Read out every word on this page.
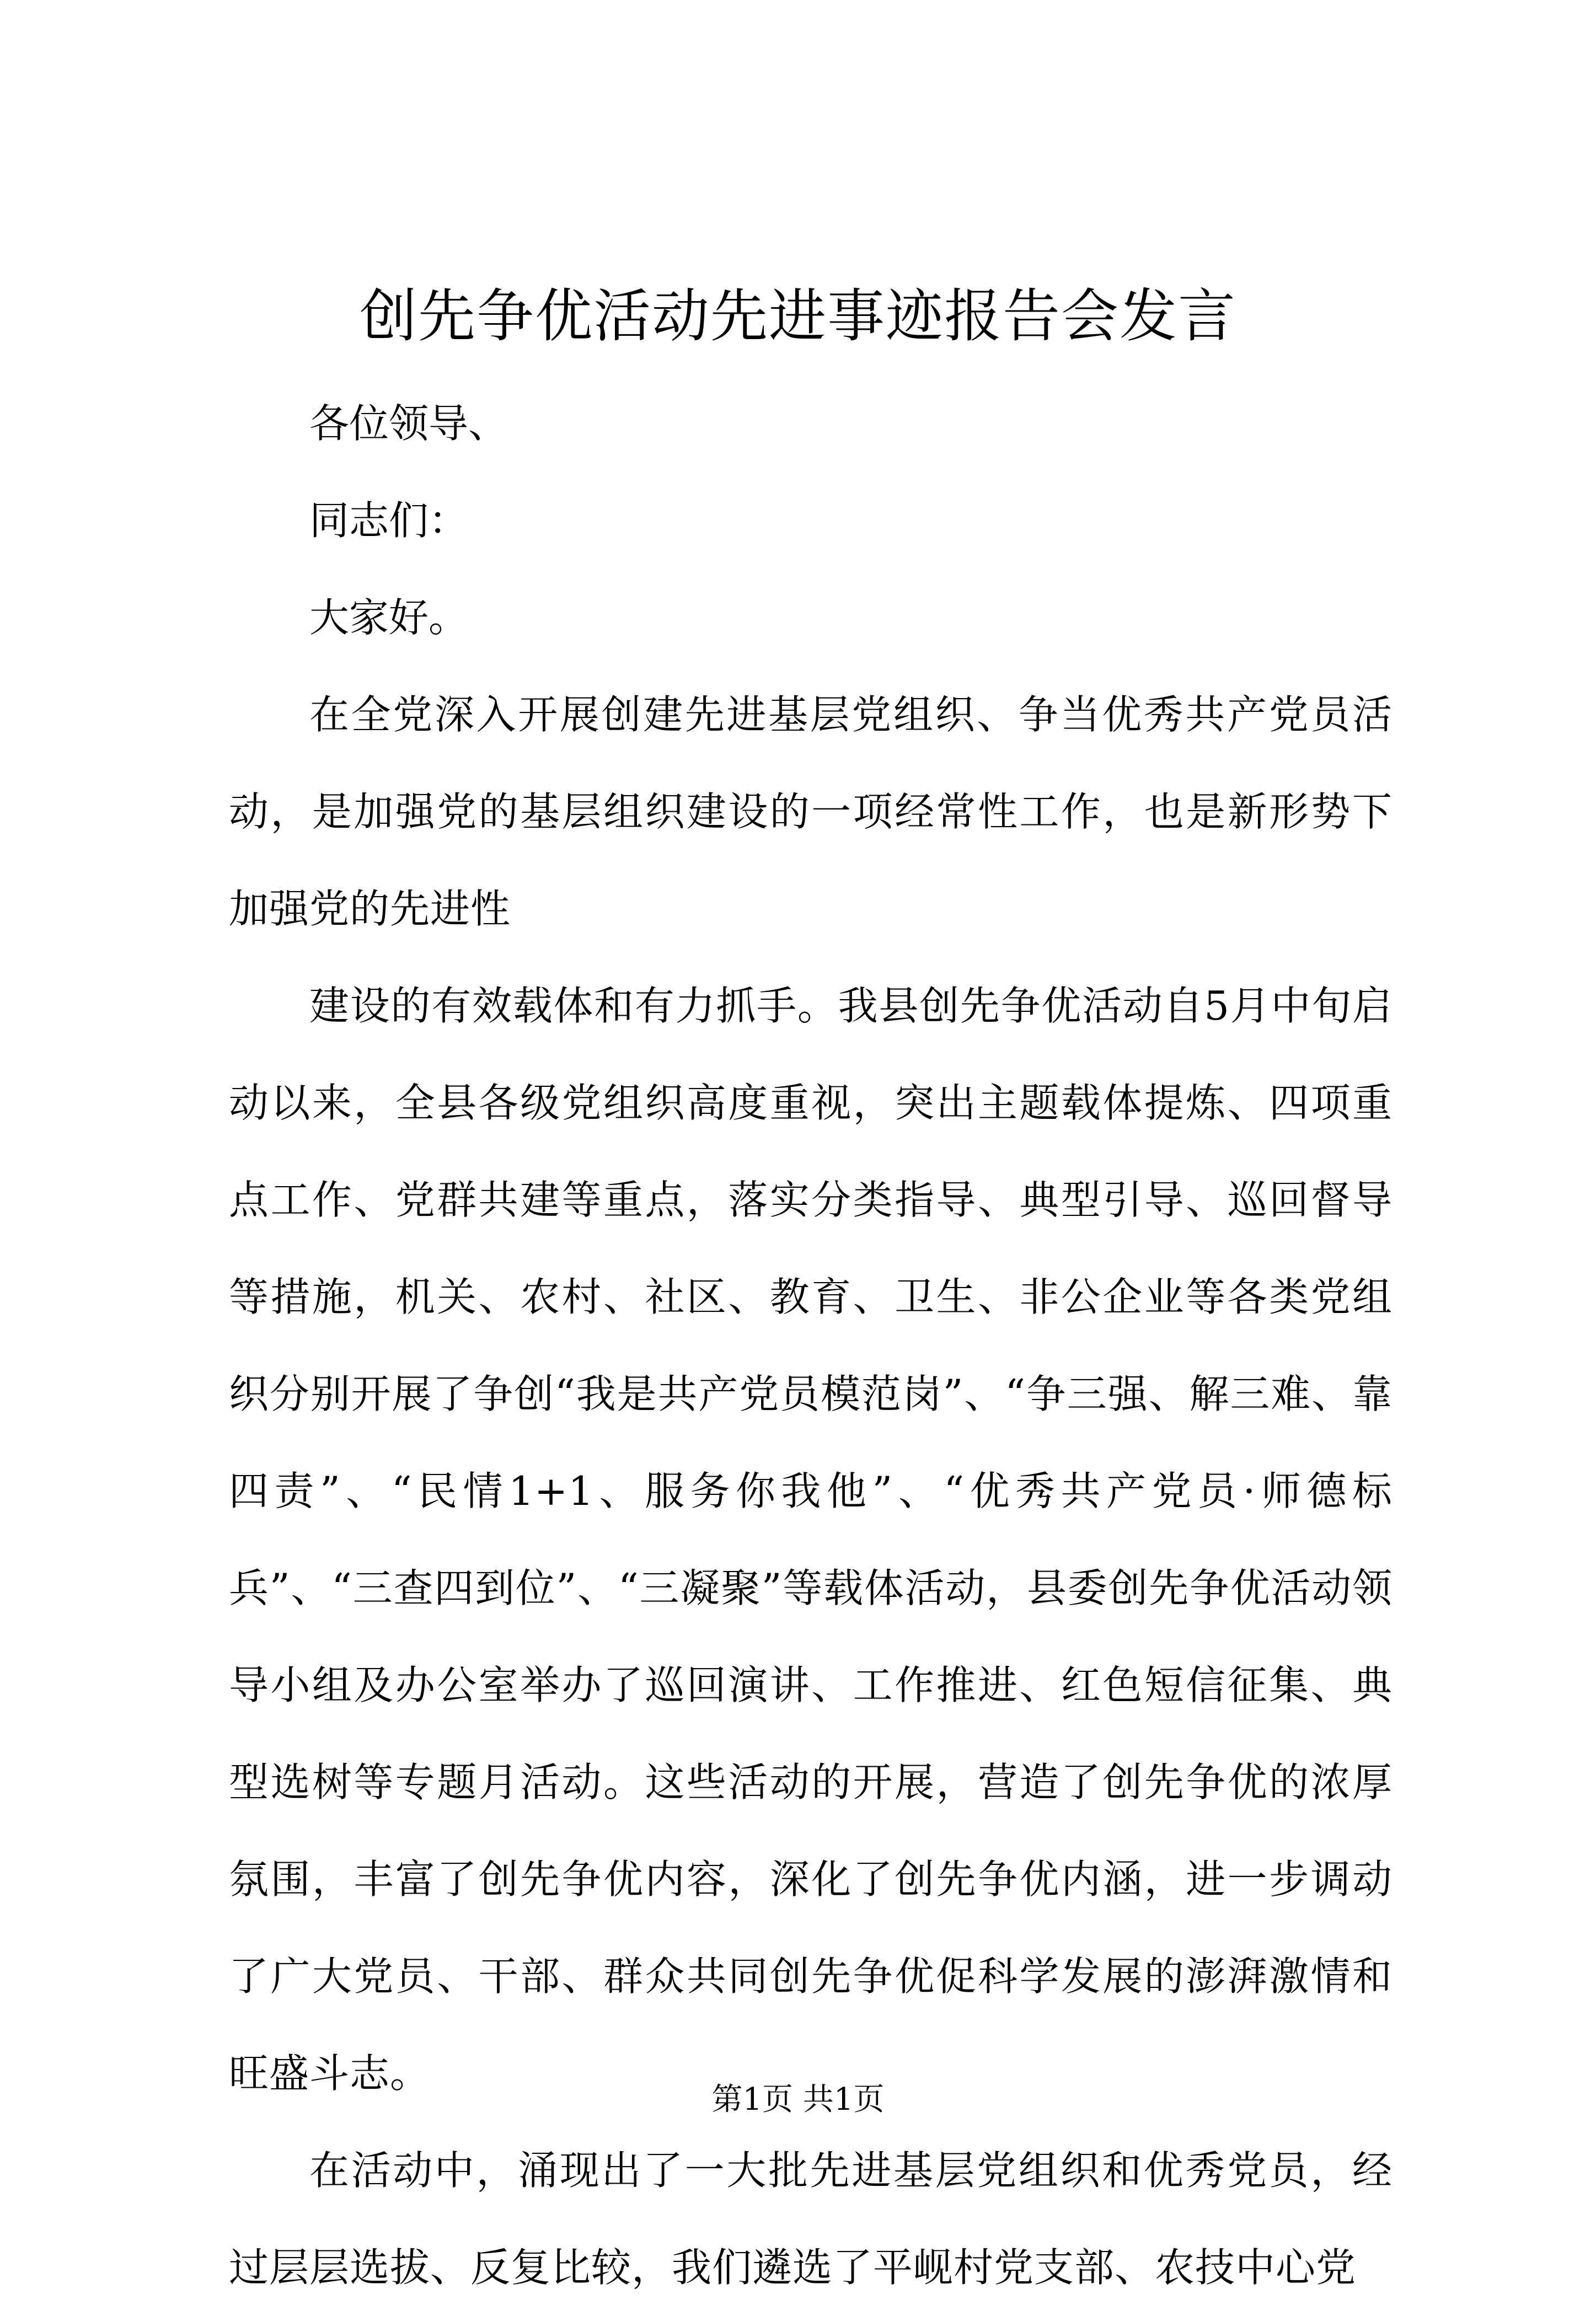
创先争优活动先进事迹报告会发言
各位领导、
同志们：
大家好。

在全党深入开展创建先进基层党组织、争当优秀共产党员活动，是加强党的基层组织建设的一项经常性工作，也是新形势下加强党的先进性

建设的有效载体和有力抓手。我县创先争优活动自5月中旬启动以来，全县各级党组织高度重视，突出主题载体提炼、四项重点工作、党群共建等重点，落实分类指导、典型引导、巡回督导等措施，机关、农村、社区、教育、卫生、非公企业等各类党组织分别开展了争创“我是共产党员模范岗”、“争三强、解三难、靠四责”、“民情1+1、服务你我他”、“优秀共产党员·师德标兵”、“三查四到位”、“三凝聚”等载体活动，县委创先争优活动领导小组及办公室举办了巡回演讲、工作推进、红色短信征集、典型选树等专题月活动。这些活动的开展，营造了创先争优的浓厚氛围，丰富了创先争优内容，深化了创先争优内涵，进一步调动了广大党员、干部、群众共同创先争优促科学发展的澎湃激情和旺盛斗志。

在活动中，涌现出了一大批先进基层党组织和优秀党员，经过层层选拔、反复比较，我们遴选了平岘村党支部、农技中心党

第1页 共1页
